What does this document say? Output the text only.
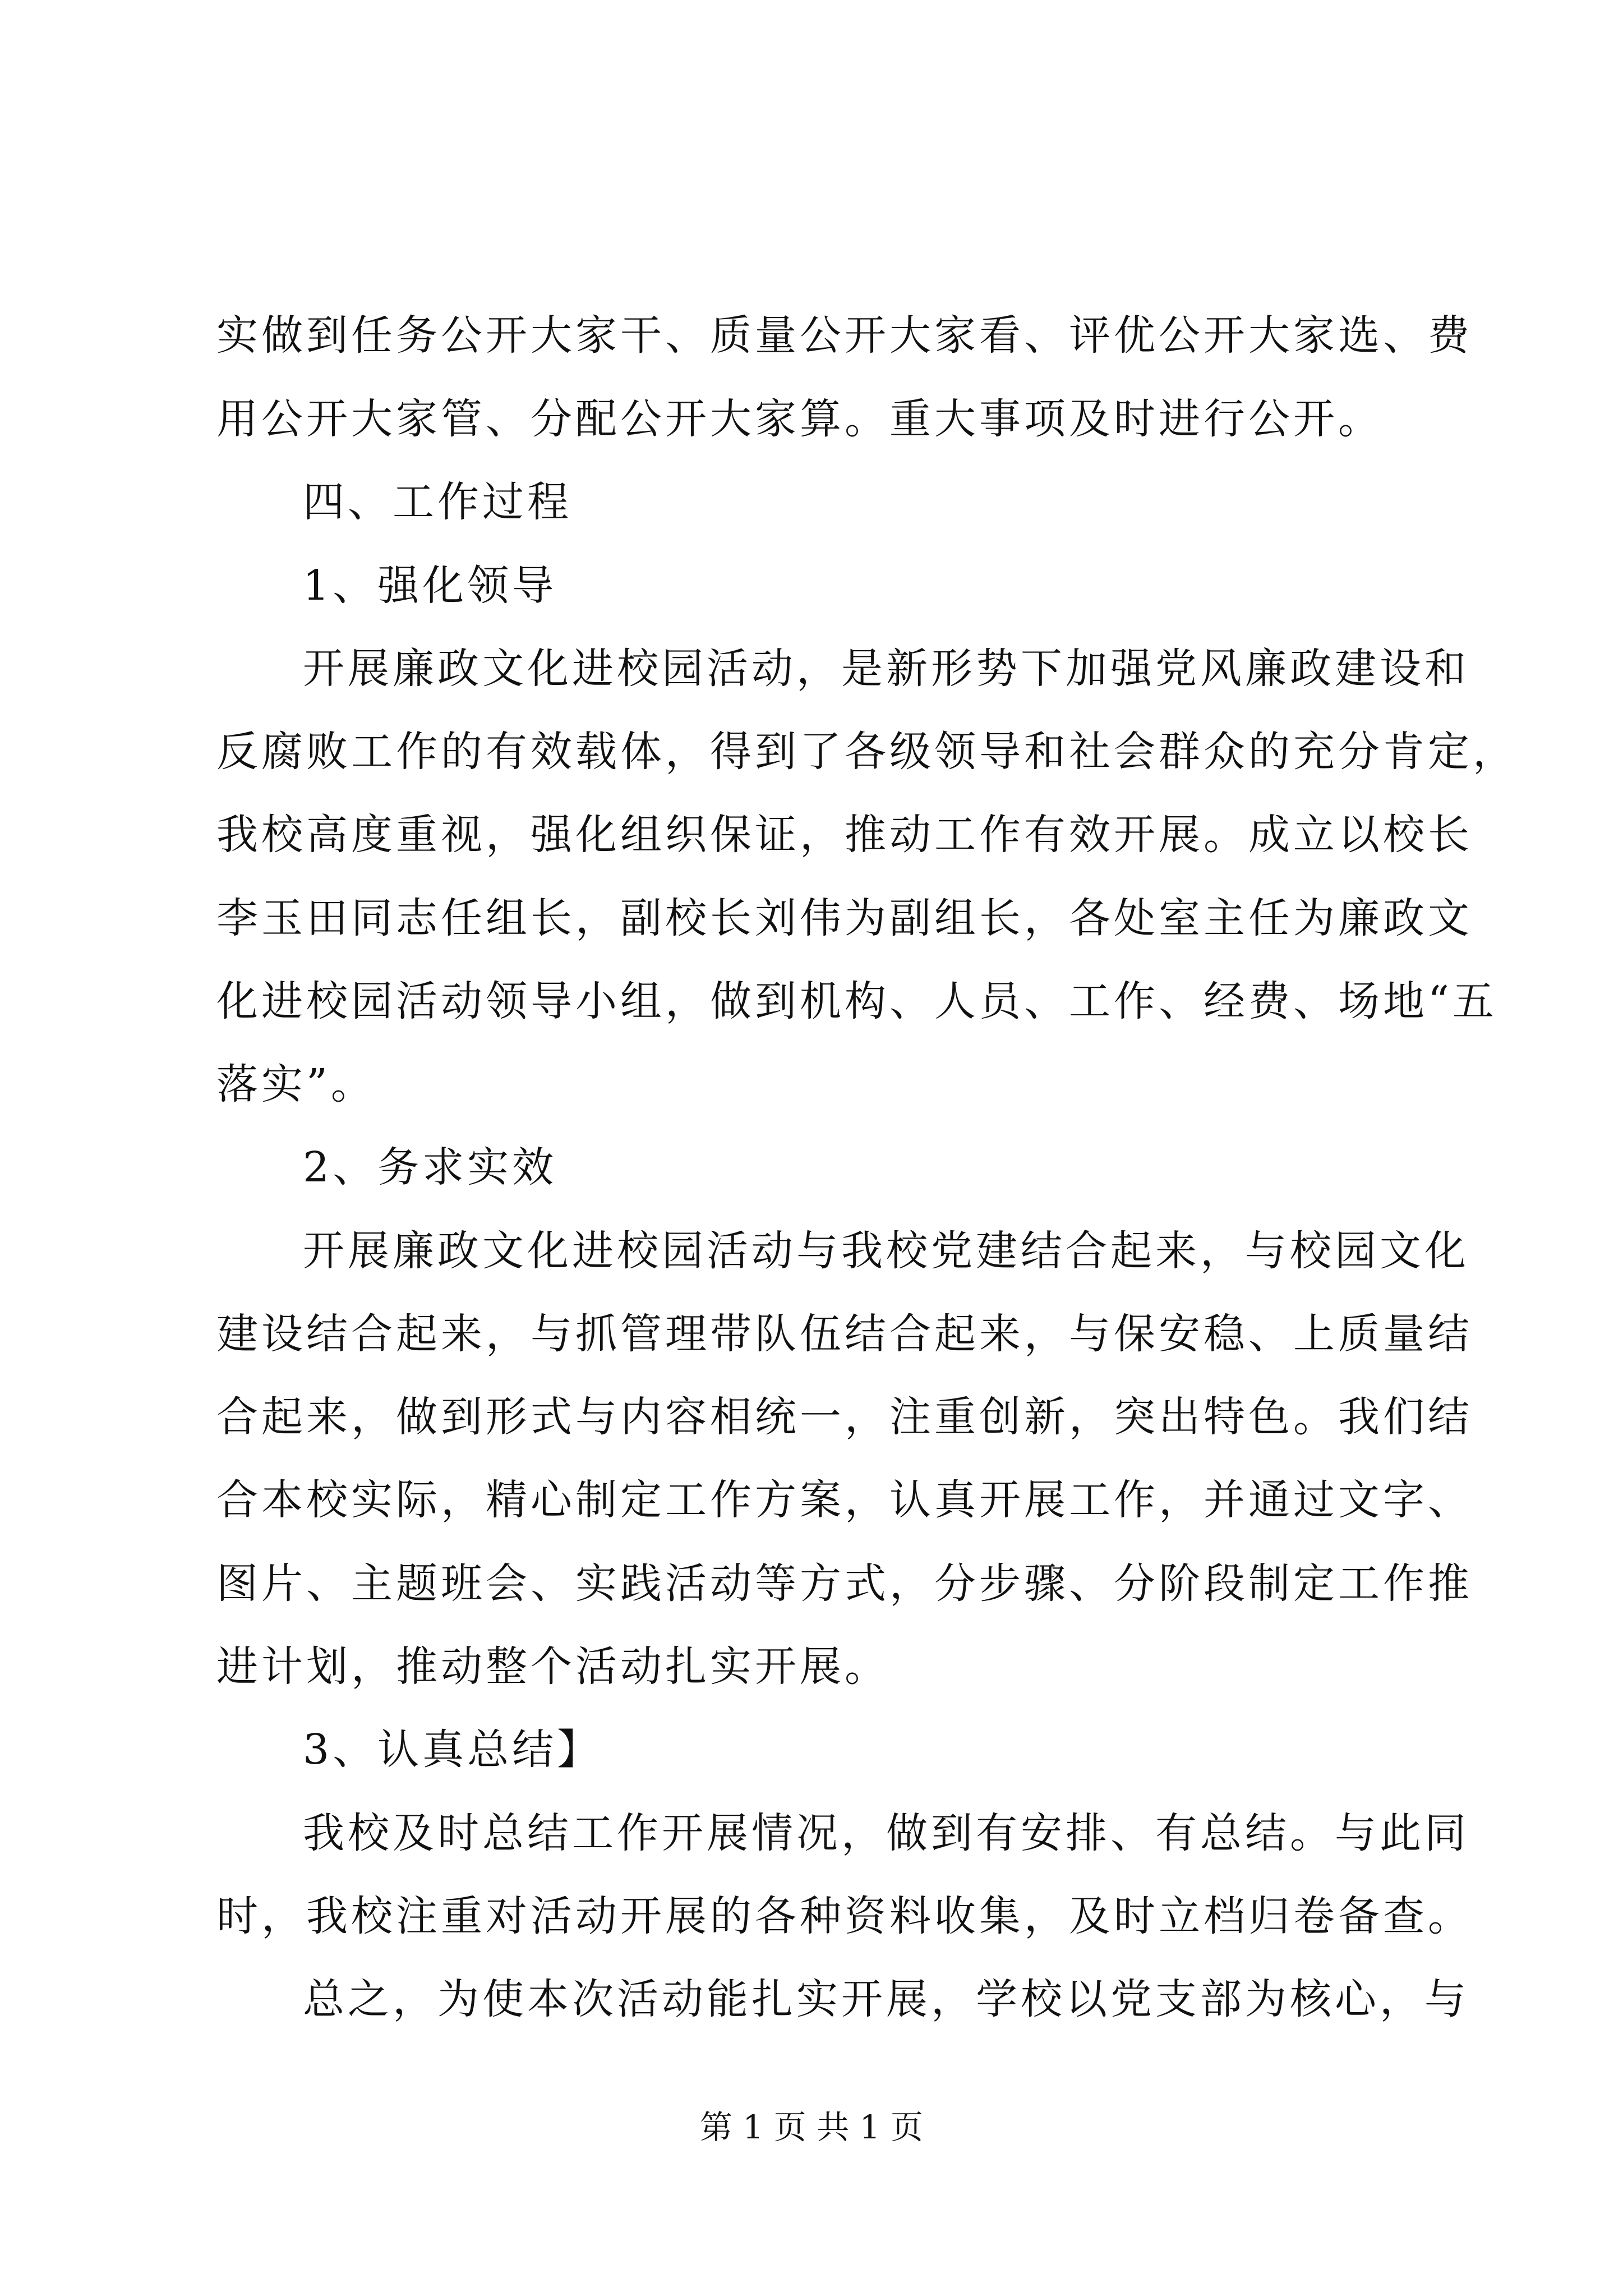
实做到任务公开大家干、质量公开大家看、评优公开大家选、费
用公开大家管、分配公开大家算。重大事项及时进行公开。
四、工作过程
1、强化领导
开展廉政文化进校园活动，是新形势下加强党风廉政建设和
反腐败工作的有效载体，得到了各级领导和社会群众的充分肯定，
我校高度重视，强化组织保证，推动工作有效开展。成立以校长
李玉田同志任组长，副校长刘伟为副组长，各处室主任为廉政文
化进校园活动领导小组，做到机构、人员、工作、经费、场地“五
落实”。
2、务求实效
开展廉政文化进校园活动与我校党建结合起来，与校园文化
建设结合起来，与抓管理带队伍结合起来，与保安稳、上质量结
合起来，做到形式与内容相统一，注重创新，突出特色。我们结
合本校实际，精心制定工作方案，认真开展工作，并通过文字、
图片、主题班会、实践活动等方式，分步骤、分阶段制定工作推
进计划，推动整个活动扎实开展。
3、认真总结】
我校及时总结工作开展情况，做到有安排、有总结。与此同
时，我校注重对活动开展的各种资料收集，及时立档归卷备查。
总之，为使本次活动能扎实开展，学校以党支部为核心，与
第 1 页 共 1 页
